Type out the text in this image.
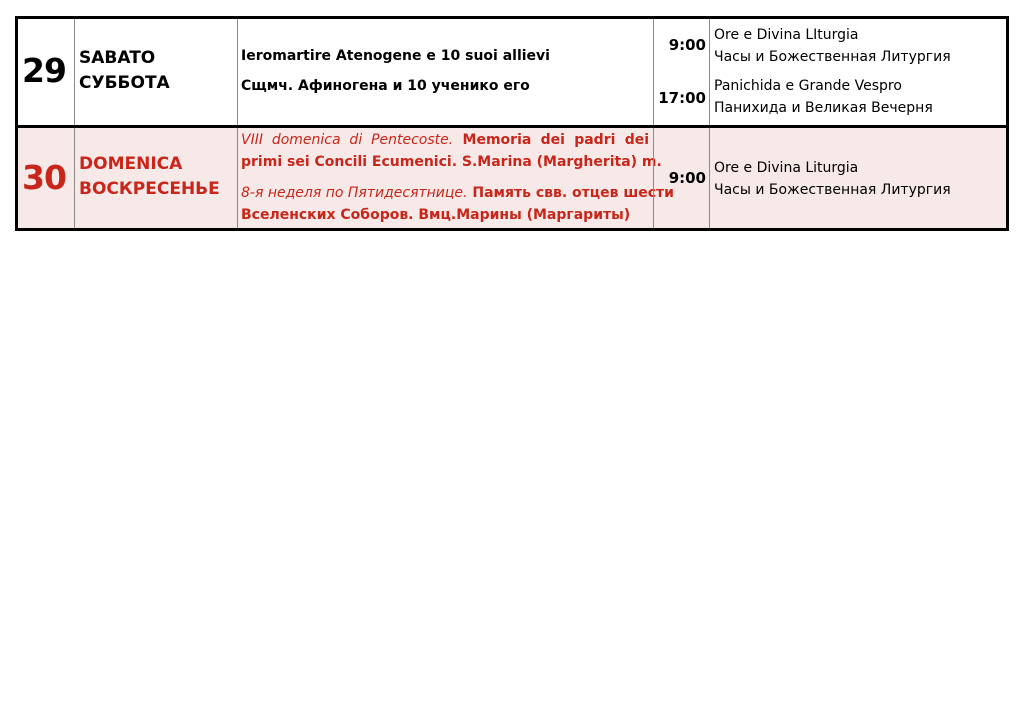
29 SABATO
СУББОТА
Ieromartire Atenogene e 10 suoi allievi
Сщмч. Афиногена и 10 ученико его
9:00
17:00
Ore e Divina LIturgia
Часы и Божественная Литургия
Panichida e Grande Vespro
Панихида и Великая Вечерня
30 DOMENICA
ВОСКРЕСЕНЬЕ
VIII domenica di Pentecoste. Memoria dei padri dei
primi sei Concili Ecumenici. S.Marina (Margherita) m.
8-я неделя по Пятидесятнице. Память свв. отцев шести
Вселенских Соборов. Вмц.Марины (Маргариты)
9:00
Ore e Divina Liturgia
Часы и Божественная Литургия
